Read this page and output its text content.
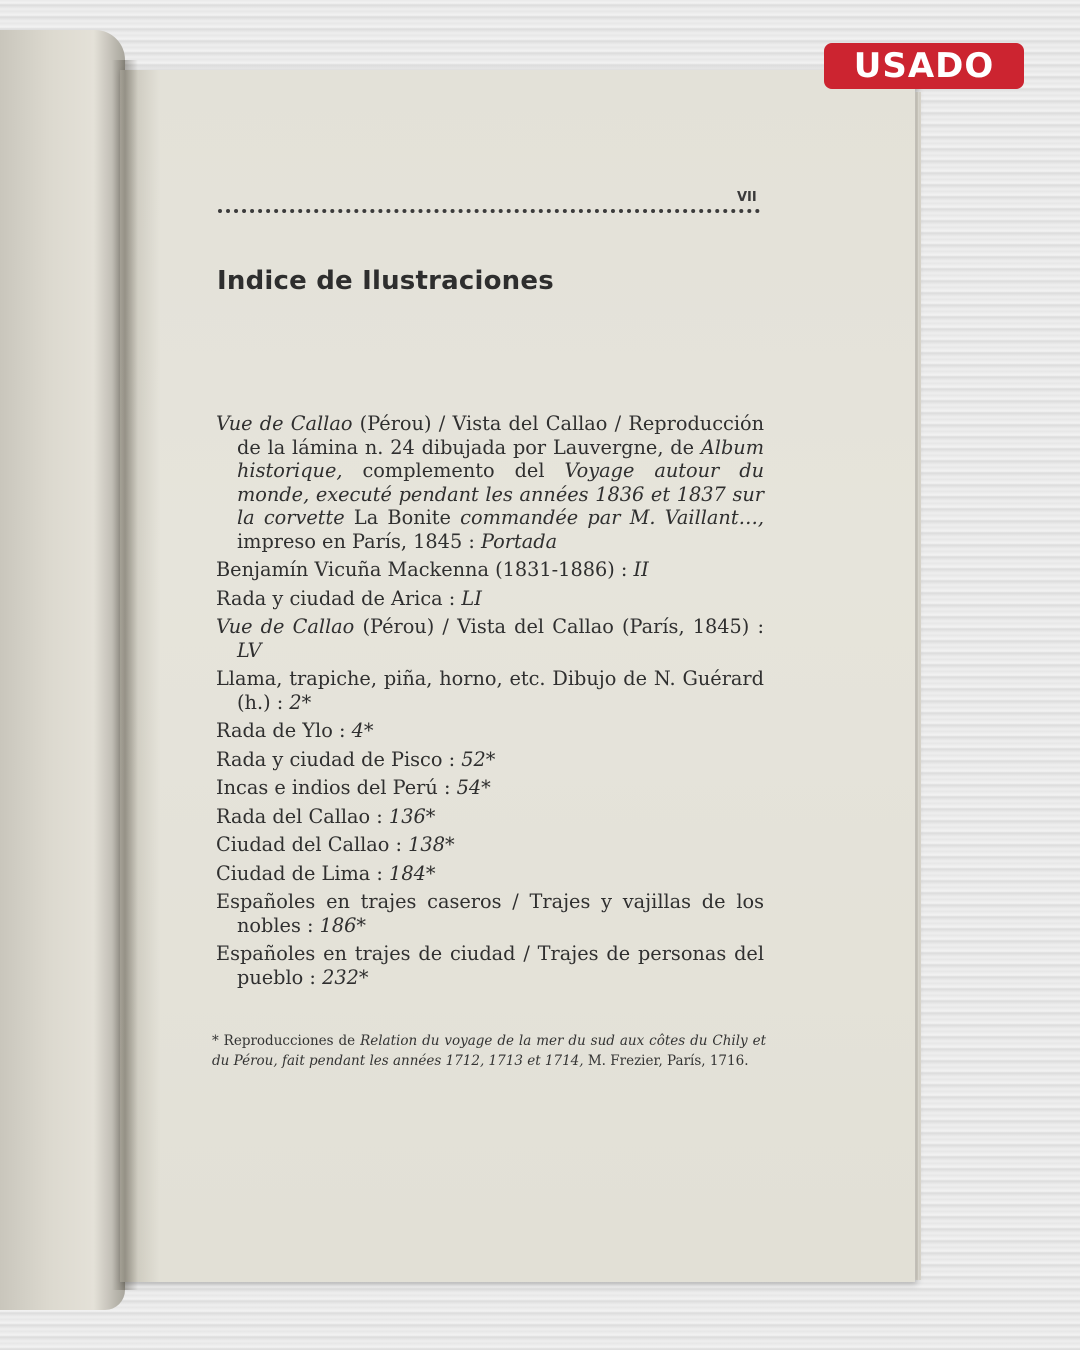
USADO
VII
Indice de Ilustraciones
Vue de Callao (Pérou) / Vista del Callao / Reproducción de la lámina n. 24 dibujada por Lauvergne, de Album historique, complemento del Voyage autour du monde, executé pendant les années 1836 et 1837 sur la corvette La Bonite commandée par M. Vaillant…, impreso en París, 1845 : Portada
Benjamín Vicuña Mackenna (1831-1886) : II
Rada y ciudad de Arica : LI
Vue de Callao (Pérou) / Vista del Callao (París, 1845) : LV
Llama, trapiche, piña, horno, etc. Dibujo de N. Guérard (h.) : 2*
Rada de Ylo : 4*
Rada y ciudad de Pisco : 52*
Incas e indios del Perú : 54*
Rada del Callao : 136*
Ciudad del Callao : 138*
Ciudad de Lima : 184*
Españoles en trajes caseros / Trajes y vajillas de los nobles : 186*
Españoles en trajes de ciudad / Trajes de personas del pueblo : 232*
* Reproducciones de Relation du voyage de la mer du sud aux côtes du Chily et du Pérou, fait pendant les années 1712, 1713 et 1714, M. Frezier, París, 1716.
